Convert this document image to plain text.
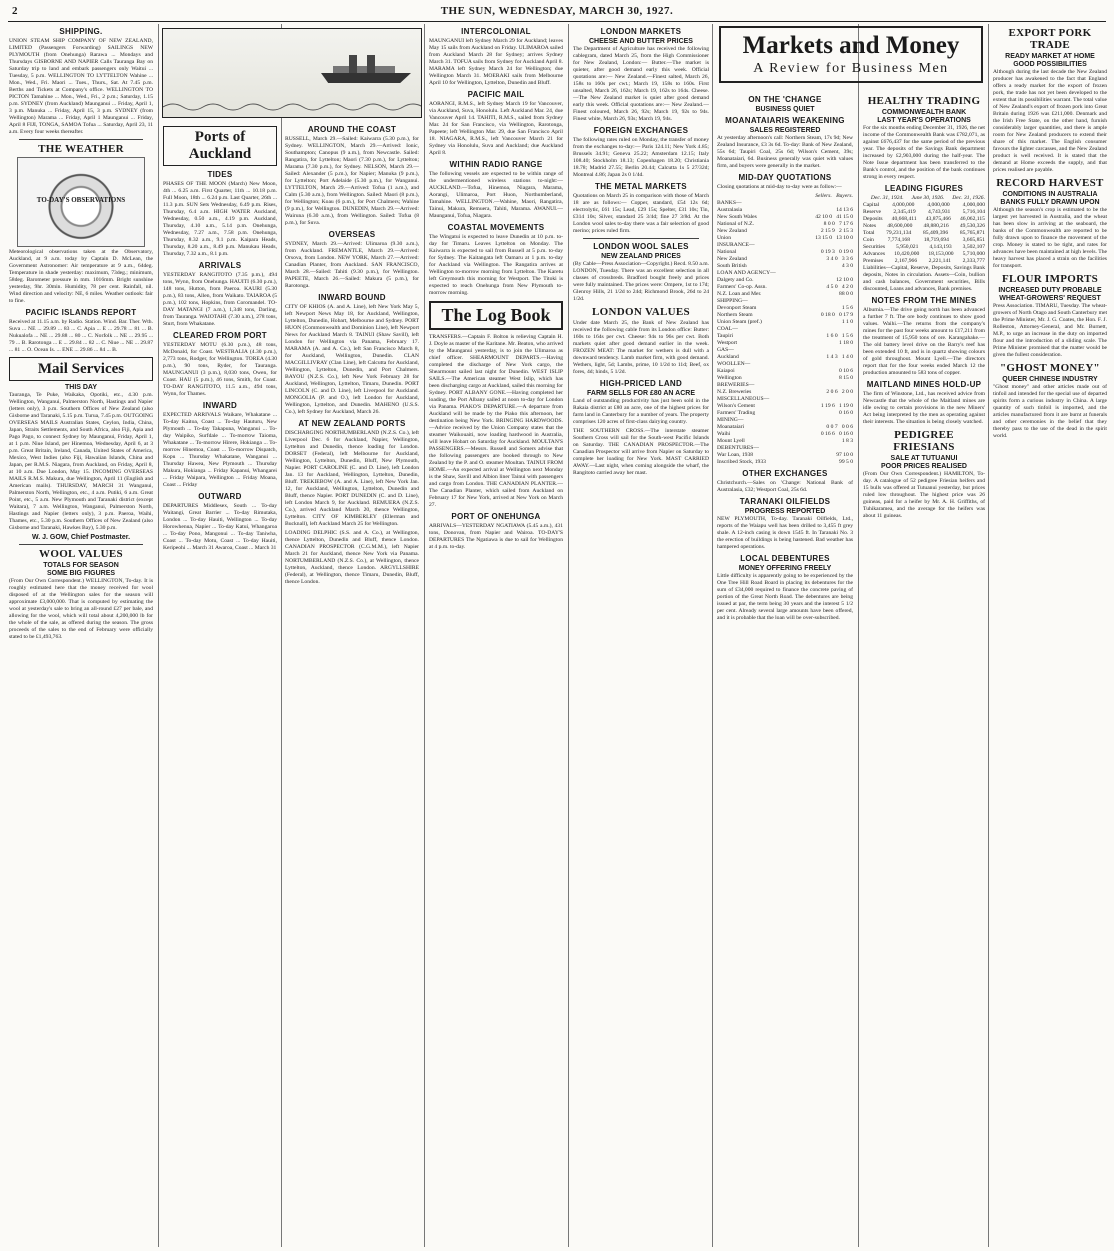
2	THE SUN, WEDNESDAY, MARCH 30, 1927.
SHIPPING.

UNION STEAM SHIP COMPANY OF NEW ZEALAND, LIMITED (Passengers Forwarding) SAILINGS NEW PLYMOUTH (from Onehunga) Rarawa ... Mondays and Thursdays GISBORNE AND NAPIER Calls Tauranga Bay on Saturday trip to land and embark passengers only Waitui ... Tuesday, 5 p.m. WELLINGTON TO LYTTELTON Wahine ... Mon., Wed., Fri. Maori ... Tues., Thurs., Sat. At 7.45 p.m. Berths and Tickets at Company's office. WELLINGTON TO PICTON Tamahine ... Mon., Wed., Fri., 2 p.m.; Saturday, 1.15 p.m. SYDNEY (from Auckland) Maunganui ... Friday, April 1, 3 p.m. Manuka ... Friday, April 15, 3 p.m. SYDNEY (from Wellington) Marama ... Friday, April 1 Maunganui ... Friday, April 8 FIJI, TONGA, SAMOA Tofua ... Saturday, April 23, 11 a.m. Every four weeks thereafter.

THE WEATHER
TO-DAY'S OBSERVATIONS

Meteorological observations taken at the Observatory, Auckland, at 9 a.m. today by Captain D. McLean, the Government Astronomer: Air temperature at 9 a.m., 64deg. Temperature in shade yesterday: maximum, 73deg.; minimum, 58deg. Barometer pressure in mm. 1016mm. Bright sunshine yesterday, 9hr. 30min. Humidity, 78 per cent. Rainfall, nil. Wind direction and velocity: NE, 6 miles. Weather outlook: fair to fine.

PACIFIC ISLANDS REPORT

Received at 11.15 a.m. by Radio. Station. Wind. Bar. Ther. Wth. Suva ... NE ... 29.89 ... 83 ... C. Apia ... E ... 29.78 ... 81 ... B. Nukualofa ... NE ... 29.88 ... 80 ... C. Norfolk ... NE ... 29.95 ... 79 ... B. Rarotonga ... E ... 29.84 ... 82 ... C. Niue ... NE ... 29.87 ... 81 ... O. Ocean Is. ... ENE ... 29.86 ... 84 ... B.

Mail Services
THIS DAY

Tauranga, Te Puke, Waikaka, Opotiki, etc., 4.30 p.m. Wellington, Wanganui, Palmerston North, Hastings and Napier (letters only), 3 p.m. Southern Offices of New Zealand (also Gisborne and Taranaki, 5.15 p.m. Turua, 7.45 p.m. OUTGOING OVERSEAS MAILS Australian States, Ceylon, India, China, Japan, Straits Settlements, and South Africa, also Fiji, Apia and Pago Pago, to connect Sydney by Maunganui, Friday, April 1, at 1 p.m. Niue Island, per Hinemoa, Wednesday, April 6, at 3 p.m. Great Britain, Ireland, Canada, United States of America, Mexico, West Indies (also Fiji, Hawaiian Islands, China and Japan, per R.M.S. Niagara, from Auckland, on Friday, April 8, at 10 a.m. Due London, May 15. INCOMING OVERSEAS MAILS R.M.S. Makura, due Wellington, April 11 (English and American mails). THURSDAY, MARCH 31 Wanganui, Palmerston North, Wellington, etc., 4 a.m. Putiki, 6 a.m. Great Point, etc., 5 a.m. New Plymouth and Taranaki district (except Waitara), 7 a.m. Wellington, Wanganui, Palmerston North, Hastings and Napier (letters only), 3 p.m. Paeroa, Waihi, Thames, etc., 5.30 p.m. Southern Offices of New Zealand (also Gisborne and Taranaki, Hawkes Bay), 5.30 p.m.

W. J. GOW, Chief Postmaster.
WOOL VALUES
TOTALS FOR SEASON
SOME BIG FIGURES

(From Our Own Correspondent.) WELLINGTON, To-day. It is roughly estimated here that the money received for wool disposed of at the Wellington sales for the season will approximate £3,000,000. That is computed by estimating the wool at yesterday's sale to bring an all-round £27 per bale, and allowing for the wool, which will total about 4,200,000 lb for the whole of the sale, as offered during the season. The gross proceeds of the sales to the end of February were officially stated to be £1,493,763.

Ports of Auckland
TIDES

PHASES OF THE MOON (March) New Moon, 4th ... 6.25 a.m. First Quarter, 11th ... 10.18 p.m. Full Moon, 18th ... 6.24 p.m. Last Quarter, 26th ... 11.3 p.m. SUN Sets Wednesday, 6.49 p.m. Rises, Thursday, 6.4 a.m. HIGH WATER Auckland, Wednesday, 0.50 a.m., 4.19 p.m. Auckland, Thursday, 4.10 a.m., 5.14 p.m. Onehunga, Wednesday, 7.27 a.m., 7.58 p.m. Onehunga, Thursday, 8.32 a.m., 9.1 p.m. Kaipara Heads, Thursday, 8.20 a.m., 8.49 p.m. Manukau Heads, Thursday, 7.32 a.m., 8.1 p.m.

ARRIVALS

YESTERDAY RANGITOTO (7.35 p.m.), 494 tons, Wynn, from Onehunga. HAUITI (6.30 p.m.), 148 tons, Hutton, from Paeroa. KAURI (5.30 p.m.), 83 tons, Allen, from Waikato. TAIAROA (5 p.m.), 102 tons, Hopkins, from Coromandel. TO-DAY MATANGI (7 a.m.), 1,348 tons, Darling, from Tauranga. WAIOTAHI (7.30 a.m.), 278 tons, Sturt, from Whakatane.

CLEARED FROM PORT

YESTERDAY MOTU (6.30 p.m.), 48 tons, McDonald, for Coast. WESTRALIA (4.30 p.m.), 2,773 tons, Rodger, for Wellington. TOREA (4.30 p.m.), 90 tons, Ryder, for Tauranga. MAUNGANUI (3 p.m.), 8,030 tons, Owen, for Coast. HAU (5 p.m.), 46 tons, Smith, for Coast. TO-DAY RANGITOTO, 11.5 a.m., 494 tons, Wynn, for Thames.

INWARD

EXPECTED ARRIVALS Waikare, Whakatane ... To-day Kaitoa, Coast ... To-day Hauturu, New Plymouth ... To-day Takapuna, Wanganui ... To-day Waipiko, Surfdale ... To-morrow Taioma, Whakatane ... To-morrow Hirere, Hokianga ... To-morrow Hinemoa, Coast ... To-morrow Dispatch, Kopu ... Thursday Whakatane, Wanganui ... Thursday Hawea, New Plymouth ... Thursday Makura, Hokianga ... Friday Kapanui, Whangarei ... Friday Waipara, Wellington ... Friday Moana, Coast ... Friday

OUTWARD

DEPARTURES Middlesex, South ... To-day Waitangi, Great Barrier ... To-day Rimutaka, London ... To-day Hauiti, Wellington ... To-day Horowhenua, Napier ... To-day Katui, Whangaroa ... To-day Pono, Mangonui ... To-day Taniwha, Coast ... To-day Motu, Coast ... To-day Hauiti, Keripeohi ... March 31 Awaroa, Coast ... March 31

AROUND THE COAST

RUSSELL, March 29.—Sailed: Kaiwarra (5.30 p.m.), for Sydney. WELLINGTON, March 29.—Arrived: Ionic, Southampton; Canopus (9 a.m.), from Newcastle. Sailed: Rangatira, for Lyttelton; Maori (7.30 p.m.), for Lyttelton; Marama (7.30 p.m.), for Sydney. NELSON, March 29.—Sailed: Alexander (5 p.m.), for Napier; Manuka (9 p.m.), for Lyttelton; Port Adelaide (5.30 p.m.), for Wanganui. LYTTELTON, March 29.—Arrived: Tofua (1 a.m.), and Calm (5.30 a.m.), from Wellington. Sailed: Maori (8 p.m.), for Wellington; Koau (6 p.m.), for Port Chalmers; Wahine (9 p.m.), for Wellington. DUNEDIN, March 29.—Arrived: Wairuna (6.30 a.m.), from Wellington. Sailed: Tofua (8 p.m.), for Suva.

OVERSEAS

SYDNEY, March 29.—Arrived: Ulimaroa (9.30 a.m.), from Auckland. FREMANTLE, March 29.—Arrived: Orsova, from London. NEW YORK, March 27.—Arrived: Canadian Planter, from Auckland. SAN FRANCISCO, March 28.—Sailed: Tahiti (9.30 p.m.), for Wellington. PAPEETE, March 26.—Sailed: Makura (5 p.m.), for Rarotonga.

INWARD BOUND

CITY OF KHIOS (A. and A. Line), left New York May 5, left Newport News May 18, for Auckland, Wellington, Lyttelton, Dunedin, Hobart, Melbourne and Sydney. PORT HUON (Commonwealth and Dominion Line), left Newport News for Auckland March 8. TAINUI (Shaw Savill), left London for Wellington via Panama, February 17. MARAMA (A. and A. Co.), left San Francisco March 8, for Auckland, Wellington, Dunedin. CLAN MACGILLIVRAY (Clan Line), left Calcutta for Auckland, Wellington, Lyttelton, Dunedin, and Port Chalmers. BAYOU (N.Z.S. Co.), left New York February 28 for Auckland, Wellington, Lyttelton, Timaru, Dunedin. PORT LINCOLN (C. and D. Line), left Liverpool for Auckland. MONGOLIA (P. and O.), left London for Auckland, Wellington, Lyttelton, and Dunedin. MAHENO (U.S.S. Co.), left Sydney for Auckland, March 26.

AT NEW ZEALAND PORTS

DISCHARGING NORTHUMBERLAND (N.Z.S. Co.), left Liverpool Dec. 6 for Auckland, Napier, Wellington, Lyttelton and Dunedin, thence loading for London. DORSET (Federal), left Melbourne for Auckland, Wellington, Lyttelton, Dunedin, Bluff, New Plymouth, Napier. PORT CAROLINE (C. and D. Line), left London Jan. 13 for Auckland, Wellington, Lyttelton, Dunedin, Bluff. TREKIEBOW (A. and A. Line), left New York Jan. 12, for Auckland, Wellington, Lyttelton, Dunedin and Bluff, thence Napier. PORT DUNEDIN (C. and D. Line), left London March 9, for Auckland. REMUERA (N.Z.S. Co.), arrived Auckland March 20, thence Wellington, Lyttelton. CITY OF KIMBERLEY (Ellerman and Bucknall), left Auckland March 25 for Wellington.

LOADING DELPHIC (S.S. and A. Co.), at Wellington, thence Lyttelton, Dunedin and Bluff, thence London. CANADIAN PROSPECTOR (C.G.M.M.), left Napier March 21 for Auckland, thence New York via Panama. NORTUMBERLAND (N.Z.S. Co.), at Wellington, thence Lyttelton, Auckland, thence London. ARGYLLSHIRE (Federal), at Wellington, thence Timaru, Dunedin, Bluff, thence London.

INTERCOLONIAL

MAUNGANUI left Sydney March 29 for Auckland; leaves May 15 sails from Auckland on Friday. ULIMAROA sailed from Auckland March 28 for Sydney; arrives Sydney March 31. TOFUA sails from Sydney for Auckland April 8. MARAMA left Sydney March 24 for Wellington; due Wellington March 31. MOERAKI sails from Melbourne April 10 for Wellington, Lyttelton, Dunedin and Bluff.

PACIFIC MAIL

AORANGI, R.M.S., left Sydney March 19 for Vancouver, via Auckland, Suva, Honolulu. Left Auckland Mar. 24, due Vancouver April 14. TAHITI, R.M.S., sailed from Sydney Mar. 24 for San Francisco, via Wellington, Rarotonga, Papeete; left Wellington Mar. 29, due San Francisco April 18. NIAGARA, R.M.S., left Vancouver March 21 for Sydney via Honolulu, Suva and Auckland; due Auckland April 8.

WITHIN RADIO RANGE

The following vessels are expected to be within range of the undermentioned wireless stations to-night:— AUCKLAND.—Tofua, Hinemoa, Niagara, Marama, Aorangi, Ulimaroa, Port Huon, Northumberland, Tamahine. WELLINGTON.—Wahine, Maori, Rangatira, Tainui, Makura, Remuera, Tahiti, Marama. AWANUI.—Maunganui, Tofua, Niagara.

COASTAL MOVEMENTS

The Wingatui is expected to leave Dunedin at 10 p.m. to-day for Timaru. Leaves Lyttelton on Monday. The Kaiwarra is expected to sail from Russell at 5 p.m. to-day for Sydney. The Kaitangata left Oamaru at 1 p.m. to-day for Auckland via Wellington. The Rangatira arrives at Wellington to-morrow morning from Lyttelton. The Karetu left Greymouth this morning for Westport. The Titoki is expected to reach Onehunga from New Plymouth to-morrow morning.

The Log Book

TRANSFERS.—Captain F. Bolton is relieving Captain H. J. Doyle as master of the Karitane. Mr. Beaton, who arrived by the Maunganui yesterday, is to join the Ulimaroa as chief officer. SHEARMOUNT DEPARTS.—Having completed the discharge of New York cargo, the Shearmount sailed last night for Dunedin. WEST ISLIP SAILS.—The American steamer West Islip, which has been discharging cargo at Auckland, sailed this morning for Sydney. PORT ALBANY GONE.—Having completed her loading, the Port Albany sailed at noon to-day for London via Panama. PIAKO'S DEPARTURE.—A departure from Auckland will be made by the Piako this afternoon, her destination being New York. BRINGING HARDWOODS.—Advice received by the Union Company states that the steamer Waikouaiti, now loading hardwood in Australia, will leave Hobart on Saturday for Auckland. MOULTAN'S PASSENGERS.—Messrs. Russell and Somers advise that the following passengers are booked through to New Zealand by the P. and O. steamer Moultan. TAINUI FROM HOME.—An expected arrival at Wellington next Monday is the Shaw, Savill and Albion liner Tainui with passengers and cargo from London. THE CANADIAN PLANTER.—The Canadian Planter, which sailed from Auckland on February 17 for New York, arrived at New York on March 27.

PORT OF ONEHUNGA

ARRIVALS—YESTERDAY NGATIAWA (5.45 a.m.), 431 tons, Donovan, from Napier and Wairoa. TO-DAY'S DEPARTURES The Ngatiawa is due to sail for Wellington at 4 p.m. to-day.

LONDON MARKETS
CHEESE AND BUTTER PRICES

The Department of Agriculture has received the following cablegram, dated March 25, from the High Commissioner for New Zealand, London:— Butter.—The market is quieter, after good demand early this week. Official quotations are:— New Zealand.—Finest salted, March 26, 158s to 160s per cwt.; March 19, 158s to 160s. First unsalted, March 26, 162s; March 19, 162s to 164s. Cheese.—The New Zealand market is quiet after good demand early this week. Official quotations are:— New Zealand.—Finest coloured, March 26, 92s; March 19, 92s to 94s. Finest white, March 26, 93s; March 19, 94s.

FOREIGN EXCHANGES

The following rates ruled on Monday, the transfer of money from the exchanges to-day:— Paris 124.11; New York 4.85; Brussels 34.91; Geneva 25.22; Amsterdam 12.15; Italy 108.40; Stockholm 18.13; Copenhagen 18.20; Christiania 18.78; Madrid 27.55; Berlin 20.44; Calcutta 1s 5 27/32d; Montreal 4.86; Japan 2s 0 1/4d.

THE METAL MARKETS

Quotations on March 25 in comparison with those of March 18 are as follows:— Copper, standard, £54 12s 6d; electrolytic, £61 15s; Lead, £29 15s; Spelter, £31 10s; Tin, £314 10s; Silver, standard 25 3/4d; fine 27 3/8d. At the London wool sales to-day there was a fair selection of good merino; prices ruled firm.

LONDON WOOL SALES
NEW ZEALAND PRICES

(By Cable—Press Association—Copyright.) Recd. 8.50 a.m. LONDON, Tuesday. There was an excellent selection in all classes of crossbreds. Bradford bought freely and prices were fully maintained. The prices were: Ompere, 1st to 17d; Glenroy Hills, 21 1/2d to 24d; Richmond Brook, 26d to 24 1/2d.

LONDON VALUES

Under date March 25, the Bank of New Zealand has received the following cable from its London office: Butter: 160s to 164s per cwt. Cheese: 94s to 96s per cwt. Both markets quiet after good demand earlier in the week. FROZEN MEAT: The market for wethers is dull with a downward tendency. Lamb market firm, with good demand. Wethers, light, 5d; Lambs, prime, 10 1/2d to 11d; Beef, ox fores, 4d; hinds, 5 1/2d.

HIGH-PRICED LAND
FARM SELLS FOR £80 AN ACRE

Land of outstanding productivity has just been sold in the Rakaia district at £80 an acre, one of the highest prices for farm land in Canterbury for a number of years. The property comprises 120 acres of first-class dairying country.

THE SOUTHERN CROSS.—The interstate steamer Southern Cross will sail for the South-west Pacific Islands on Saturday. THE CANADIAN PROSPECTOR.—The Canadian Prospector will arrive from Napier on Saturday to complete her loading for New York. MAST CARRIED AWAY.—Last night, when coming alongside the wharf, the Rangitoto carried away her mast.

Markets and Money
A Review for Business Men
ON THE 'CHANGE
BUSINESS QUIET
MOANATAIARIS WEAKENING
SALES REGISTERED

At yesterday afternoon's call: Northern Steam, 17s 9d; New Zealand Insurance, £3 3s 6d. To-day: Bank of New Zealand, 55s 6d; Taupiri Coal, 25s 6d; Wilson's Cement, 39s; Moanataiari, 6d. Business generally was quiet with values firm, and buyers were generally in the market.

MID-DAY QUOTATIONS

Closing quotations at mid-day to-day were as follow:—

Sellers. Buyers.
BANKS—

Australasia	14 13 6
New South Wales	42 10 0 41 15 0
National of N.Z.	8 0 0 7 17 6
New Zealand	2 15 9 2 15 3
Union	13 15 0 13 10 0
INSURANCE—

National	0 19 3 0 19 0
New Zealand	3 4 0 3 3 6
South British	4 3 0
LOAN AND AGENCY—

Dalgety and Co.	12 10 0
Farmers' Co-op. Assn.	4 5 0 4 2 0
N.Z. Loan and Mer.	88 0 0
SHIPPING—

Devonport Steam	1 5 6
Northern Steam	0 18 0 0 17 9
Union Steam (pref.)	1 1 0
COAL—

Taupiri	1 6 0 1 5 6
Westport	1 18 0
GAS—

Auckland	1 4 3 1 4 0
WOOLLEN—

Kaiapoi	0 10 6
Wellington	8 15 0
BREWERIES—

N.Z. Breweries	2 0 6 2 0 0
MISCELLANEOUS—

Wilson's Cement	1 19 6 1 19 0
Farmers' Trading	0 16 0
MINING—

Moanataiari	0 0 7 0 0 6
Waihi	0 16 6 0 16 0
Mount Lyell	1 8 3
DEBENTURES—

War Loan, 1938	97 10 0
Inscribed Stock, 1933	99 5 0
OTHER EXCHANGES

Christchurch.—Sales on 'Change: National Bank of Australasia, £32; Westport Coal, 25s 6d.

TARANAKI OILFIELDS
PROGRESS REPORTED

NEW PLYMOUTH, To-day. Taranaki Oilfields, Ltd., reports of the Waiapu well has been drilled to 3,455 ft grey shale. A 12-inch casing is down 1545 ft. In Taranaki No. 3 the erection of buildings is being hastened. Bad weather has hampered operations.

LOCAL DEBENTURES
MONEY OFFERING FREELY

Little difficulty is apparently going to be experienced by the One Tree Hill Road Board in placing its debentures for the sum of £34,000 required to finance the concrete paving of portion of the Great North Road. The debentures are being issued at par, the term being 30 years and the interest 5 1/2 per cent. Already several large amounts have been offered, and it is probable that the loan will be over-subscribed.

HEALTHY TRADING
COMMONWEALTH BANK
LAST YEAR'S OPERATIONS

For the six months ending December 31, 1926, the net income of the Commonwealth Bank was £782,071, as against £676,437 for the same period of the previous year. The deposits of the Savings Bank department increased by £2,903,000 during the half-year. The Note Issue department has been transferred to the Bank's control, and the position of the bank continues strong in every respect.

LEADING FIGURES
Dec. 31, 1924. June 30, 1926. Dec. 31, 1926.
Capital 4,000,000 4,000,000 4,000,000
Reserve 2,345,419 4,743,931 5,716,104
Deposits 40,668,411 43,875,466 46,062,115
Notes 48,600,000 48,880,216 49,530,326
Total 79,231,134 85,409,396 85,765,871
Coin 7,774,168 18,719,694 3,665,851
Securities 5,950,021 4,143,193 3,502,107
Advances 10,420,000 18,153,000 5,710,000
Premises 2,167,966 2,221,141 2,333,777

Liabilities—Capital, Reserve, Deposits, Savings Bank deposits, Notes in circulation. Assets—Coin, bullion and cash balances, Government securities, Bills discounted, Loans and advances, Bank premises.

NOTES FROM THE MINES

Alburnia.—The drive going north has been advanced a further 7 ft. The ore body continues to show good values. Waihi.—The returns from the company's mines for the past four weeks amount to £17,211 from the treatment of 15,950 tons of ore. Karangahake.—The old battery level drive on the Barry's reef has been extended 10 ft, and is in quartz showing colours of gold throughout. Mount Lyell.—The directors report that for the four weeks ended March 12 the production amounted to 583 tons of copper.

MAITLAND MINES HOLD-UP

The firm of Winstone, Ltd., has received advice from Newcastle that the whole of the Maitland mines are idle owing to certain provisions in the new Miners' Act being interpreted by the men as operating against their interests. The situation is being closely watched.

PEDIGREE FRIESIANS
SALE AT TUTUANUI
POOR PRICES REALISED

(From Our Own Correspondent.) HAMILTON, To-day. A catalogue of 52 pedigree Friesian heifers and 15 bulls was offered at Tutuanui yesterday, but prices ruled low throughout. The highest price was 26 guineas, paid for a heifer by Mr. A. H. Griffiths, of Tuhikaramea, and the average for the heifers was about 11 guineas.

EXPORT PORK TRADE
READY MARKET AT HOME
GOOD POSSIBILITIES

Although during the last decade the New Zealand producer has awakened to the fact that England offers a ready market for the export of frozen pork, the trade has not yet been developed to the extent that its possibilities warrant. The total value of New Zealand's export of frozen pork into Great Britain during 1926 was £211,000. Denmark and the Irish Free State, on the other hand, furnish considerably larger quantities, and there is ample room for New Zealand producers to extend their share of this market. The English consumer favours the lighter carcasses, and the New Zealand product is well received. It is stated that the demand at Home exceeds the supply, and that prices realised are payable.

RECORD HARVEST
CONDITIONS IN AUSTRALIA
BANKS FULLY DRAWN UPON

Although the season's crop is estimated to be the largest yet harvested in Australia, and the wheat has been slow in arriving at the seaboard, the banks of the Commonwealth are reported to be fully drawn upon to finance the movement of the crop. Money is stated to be tight, and rates for advances have been maintained at high levels. The heavy harvest has placed a strain on the facilities for transport.

FLOUR IMPORTS
INCREASED DUTY PROBABLE
WHEAT-GROWERS' REQUEST

Press Association. TIMARU, Tuesday. The wheat-growers of North Otago and South Canterbury met the Prime Minister, Mr. J. G. Coates, the Hon. F. J. Rolleston, Attorney-General, and Mr. Burnett, M.P., to urge an increase in the duty on imported flour and the introduction of a sliding scale. The Prime Minister promised that the matter would be given the fullest consideration.

"GHOST MONEY"
QUEER CHINESE INDUSTRY

"Ghost money" and other articles made out of tinfoil and intended for the special use of departed spirits form a curious industry in China. A large quantity of such tinfoil is imported, and the articles manufactured from it are burnt at funerals and other ceremonies in the belief that they thereby pass to the use of the dead in the spirit world.
